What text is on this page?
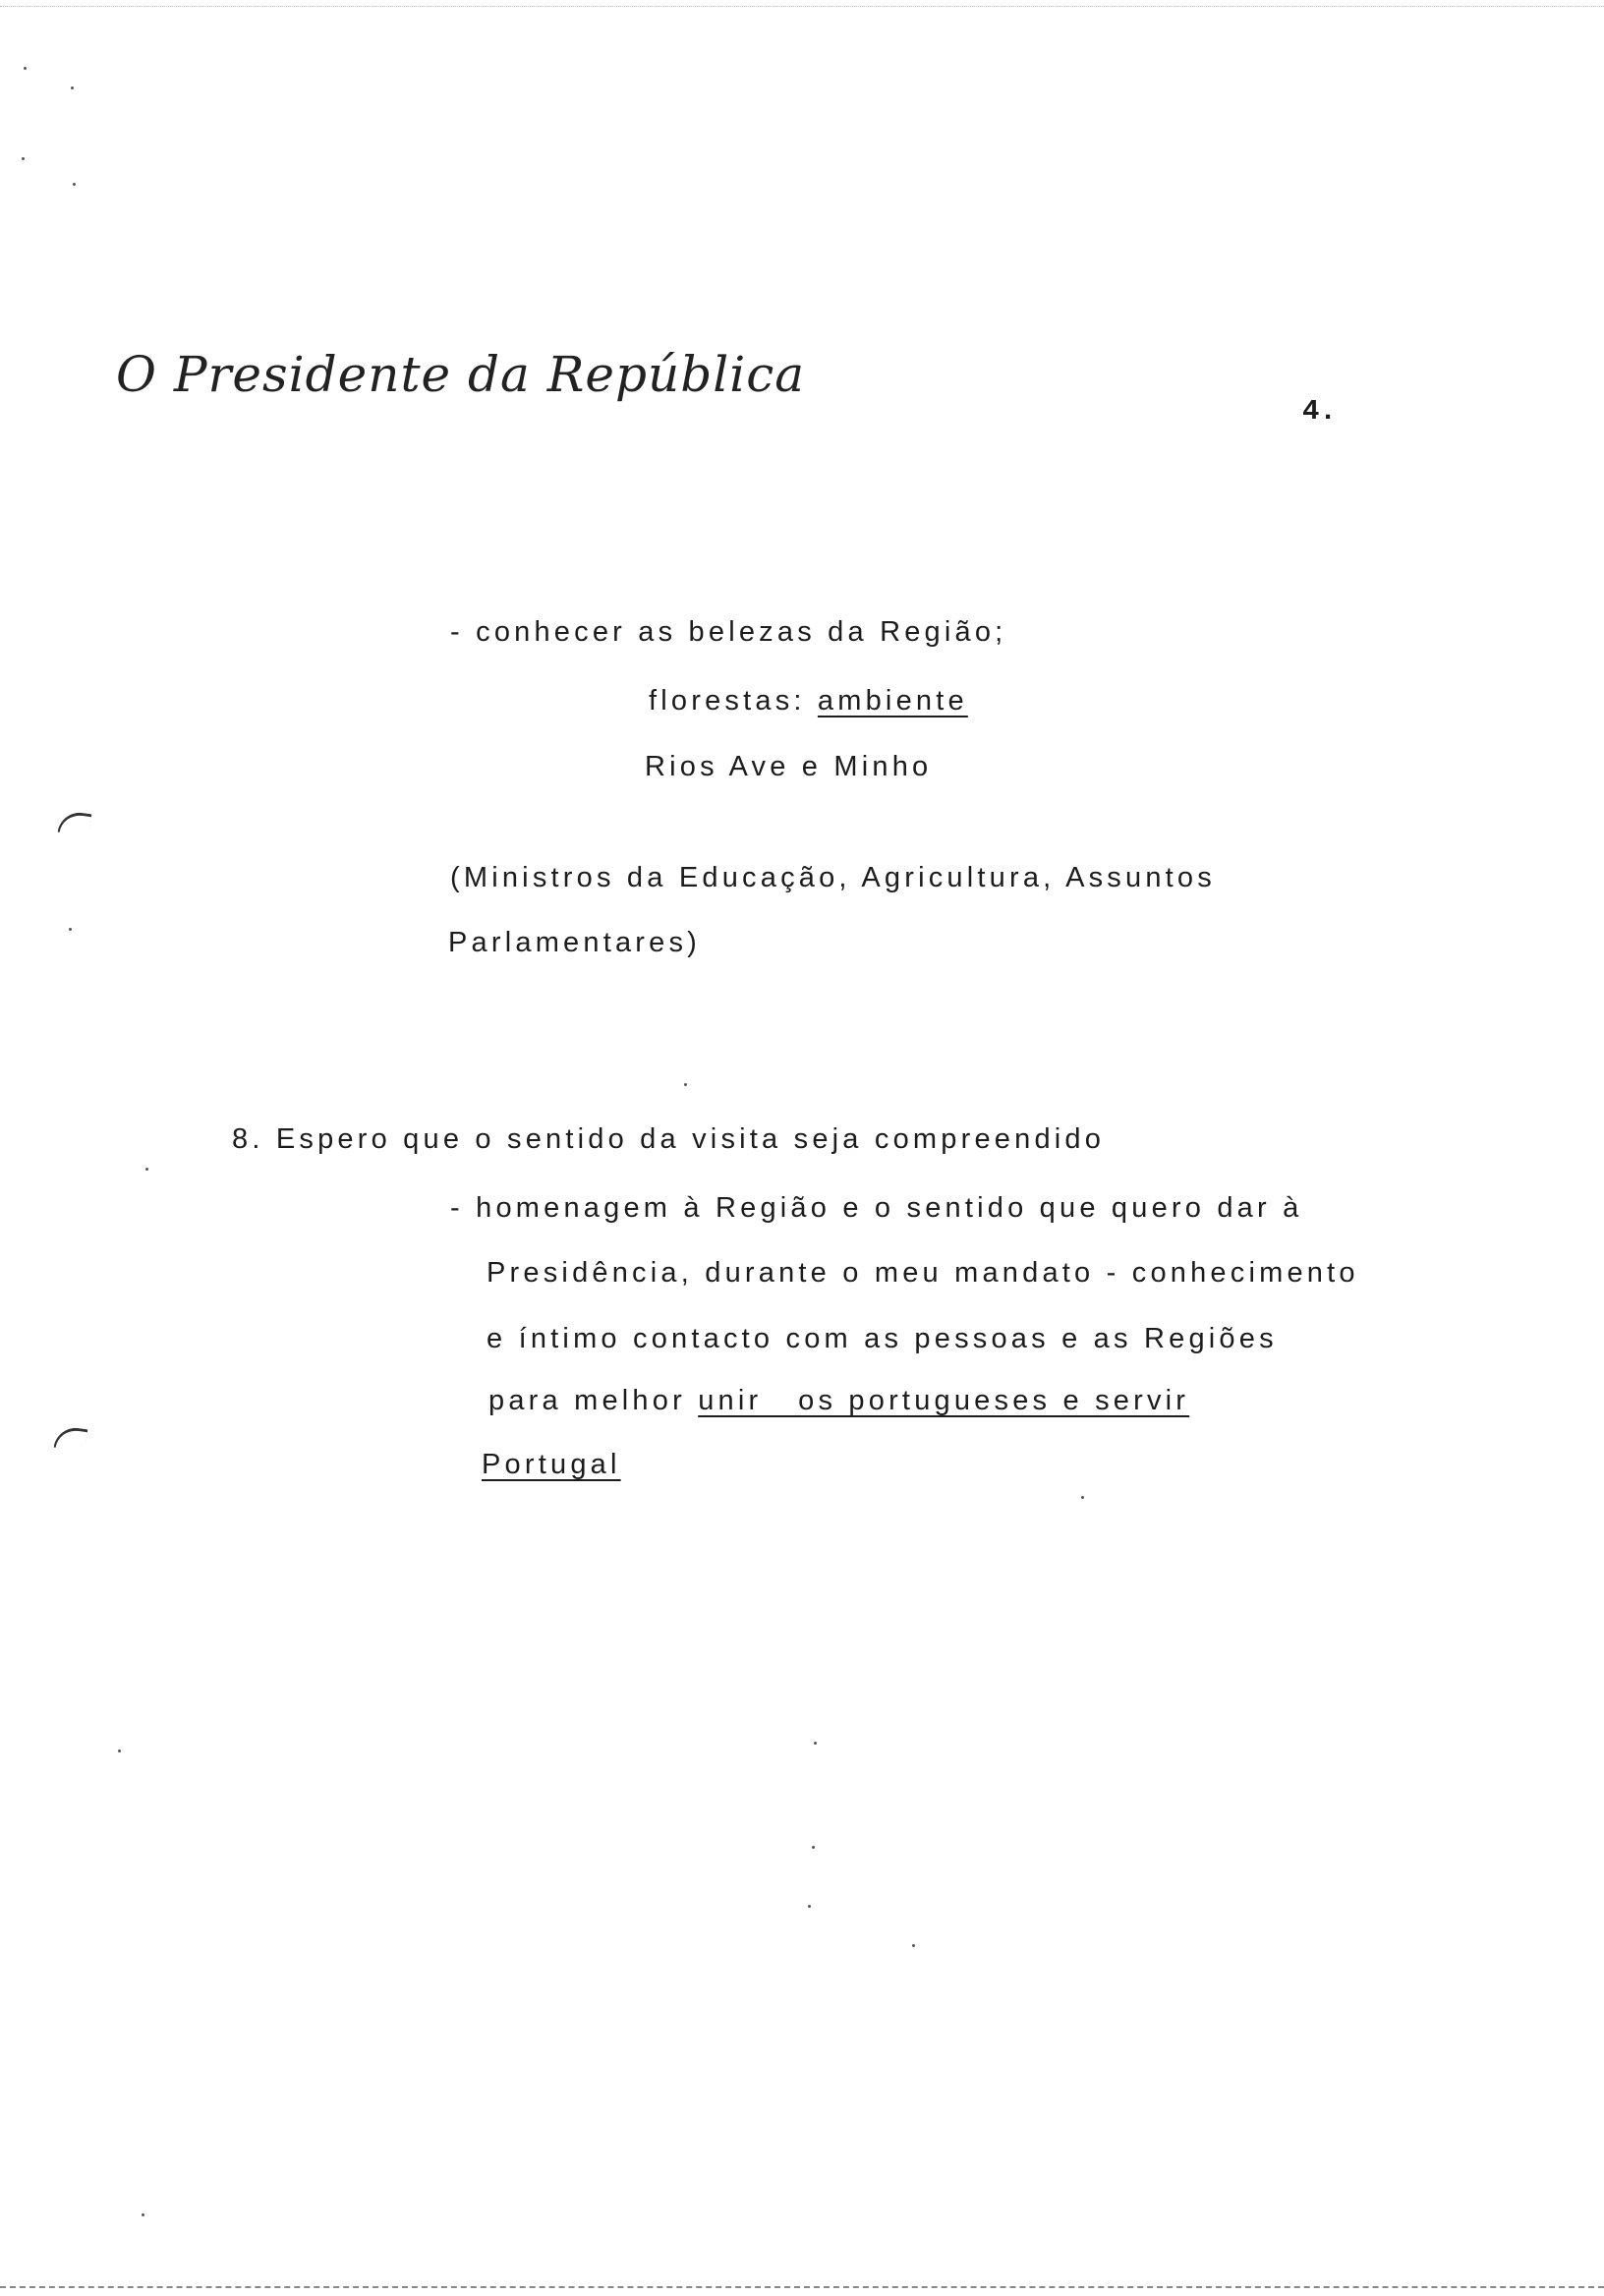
O Presidente da República
4.
- conhecer as belezas da Região;
florestas: ambiente
Rios Ave e Minho
(Ministros da Educação, Agricultura, Assuntos
Parlamentares)
8. Espero que o sentido da visita seja compreendido
- homenagem à Região e o sentido que quero dar à
Presidência, durante o meu mandato - conhecimento
e íntimo contacto com as pessoas e as Regiões
para melhor unir   os portugueses e servir
Portugal
